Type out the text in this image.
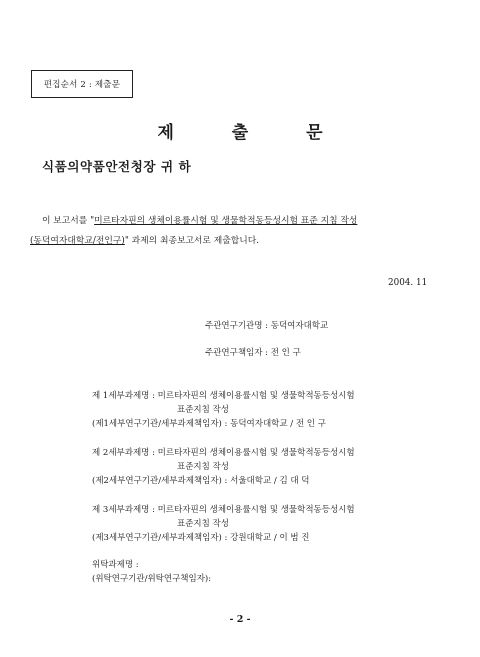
편집순서 2 : 제출문
제 출 문
식품의약품안전청장 귀 하
이 보고서를 "미르타자핀의 생체이용률시험 및 생물학적동등성시험 표준 지침 작성
(동덕여자대학교/전인구)" 과제의 최종보고서로 제출합니다.
2004. 11
주관연구기관명 : 동덕여자대학교
주관연구책임자 : 전 인 구
제 1세부과제명 : 미르타자핀의 생체이용률시험 및 생물학적동등성시험
표준지침 작성
(제1세부연구기관/세부과제책임자) : 동덕여자대학교 / 전 인 구
제 2세부과제명 : 미르타자핀의 생체이용률시험 및 생물학적동등성시험
표준지침 작성
(제2세부연구기관/세부과제책임자) : 서울대학교 / 김 대 덕
제 3세부과제명 : 미르타자핀의 생체이용률시험 및 생물학적동등성시험
표준지침 작성
(제3세부연구기관/세부과제책임자) : 강원대학교 / 이 범 진
위탁과제명 :
(위탁연구기관/위탁연구책임자):
- 2 -
